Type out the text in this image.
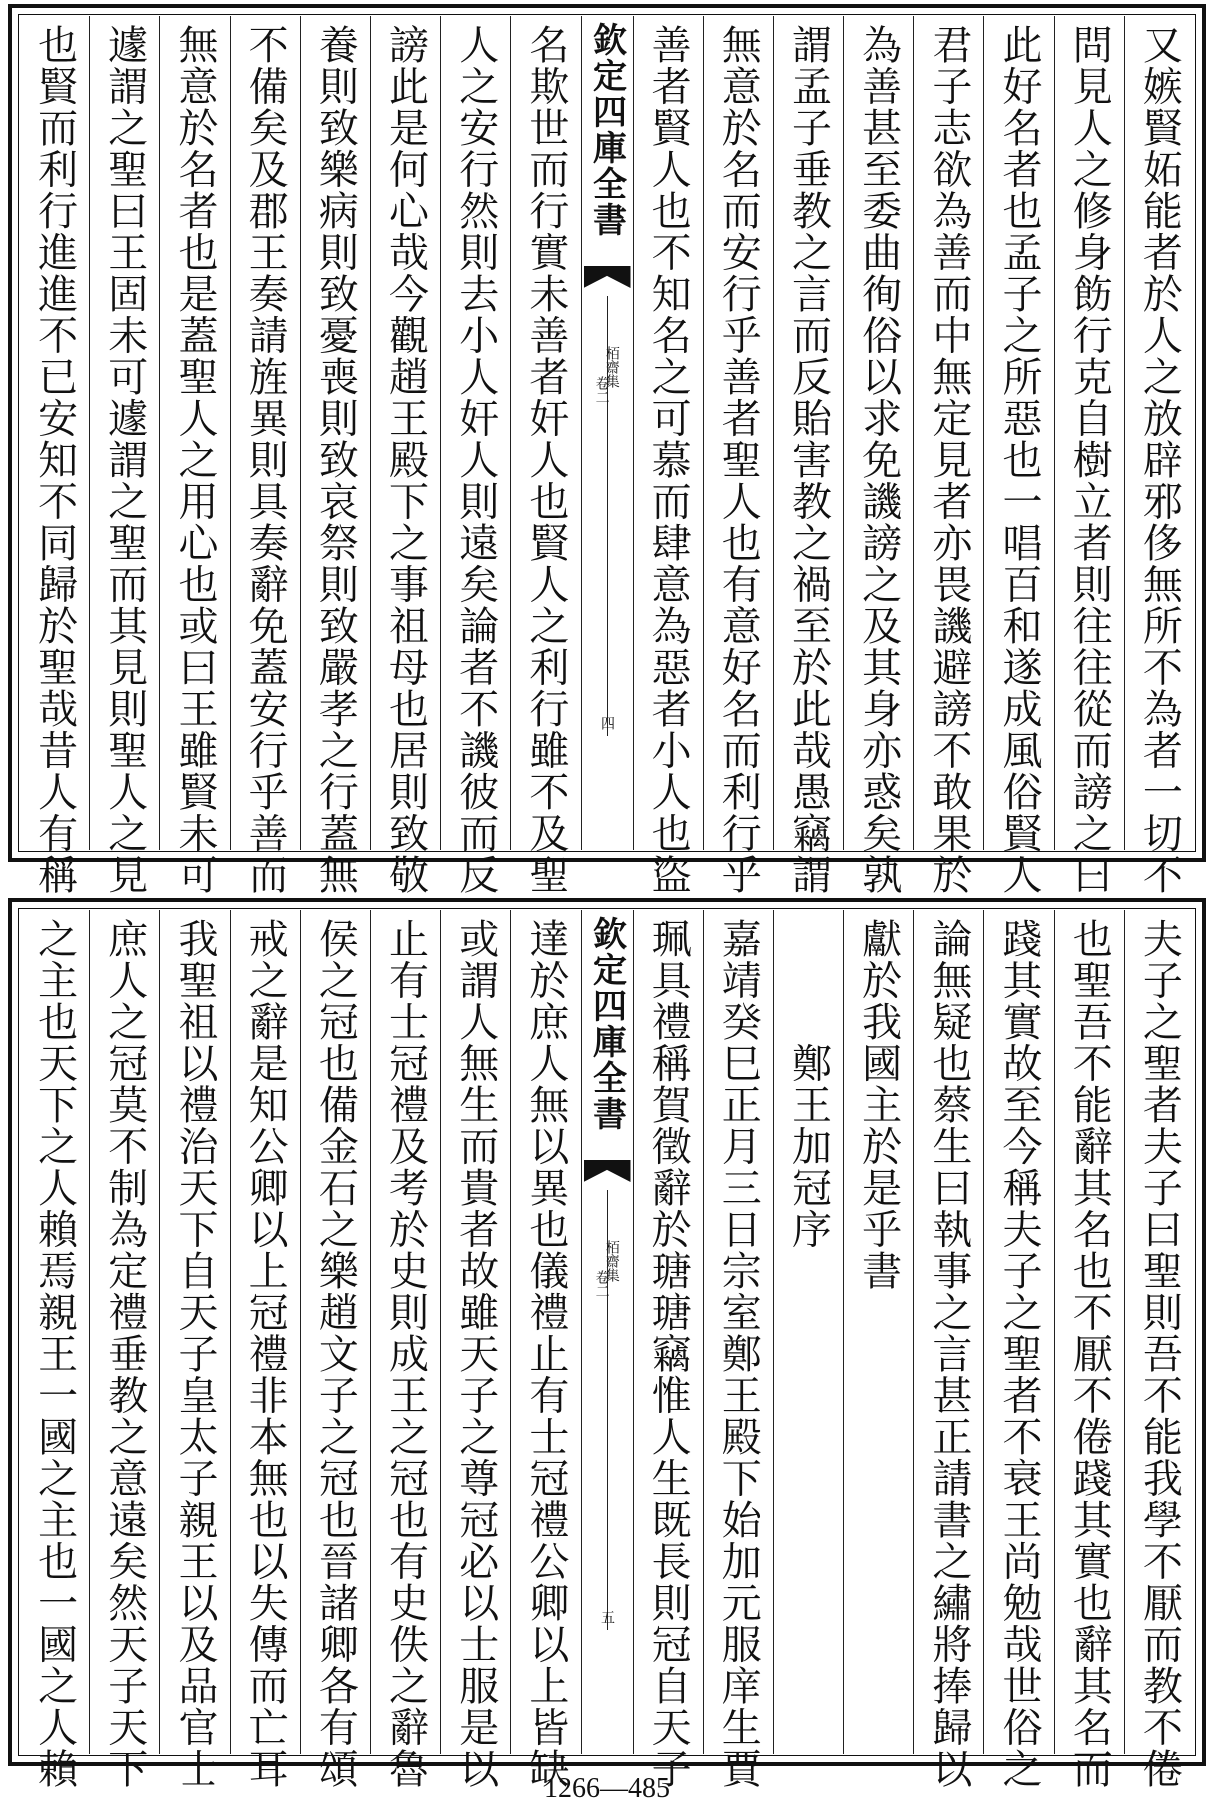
又嫉賢妬能者於人之放辟邪侈無所不為者一切不
問見人之修身飭行克自樹立者則往往從而謗之曰
此好名者也孟子之所惡也一唱百和遂成風俗賢人
君子志欲為善而中無定見者亦畏譏避謗不敢果於
為善甚至委曲徇俗以求免譏謗之及其身亦惑矣孰
謂孟子垂教之言而反貽害教之禍至於此哉愚竊謂
無意於名而安行乎善者聖人也有意好名而利行乎
善者賢人也不知名之可慕而肆意為惡者小人也盜
欽定四庫全書
栢齋集
卷二
四
名欺世而行實未善者奸人也賢人之利行雖不及聖
人之安行然則去小人奸人則遠矣論者不譏彼而反
謗此是何心哉今觀趙王殿下之事祖母也居則致敬
養則致樂病則致憂喪則致哀祭則致嚴孝之行蓋無
不備矣及郡王奏請旌異則具奏辭免蓋安行乎善而
無意於名者也是蓋聖人之用心也或曰王雖賢未可
遽謂之聖曰王固未可遽謂之聖而其見則聖人之見
也賢而利行進進不已安知不同歸於聖哉昔人有稱
夫子之聖者夫子曰聖則吾不能我學不厭而教不倦
也聖吾不能辭其名也不厭不倦踐其實也辭其名而
踐其實故至今稱夫子之聖者不衰王尚勉哉世俗之
論無疑也蔡生曰執事之言甚正請書之繡將捧歸以
獻於我國主於是乎書
　　　鄭王加冠序
嘉靖癸巳正月三日宗室鄭王殿下始加元服庠生賈
珮具禮稱賀徵辭於瑭瑭竊惟人生既長則冠自天子
欽定四庫全書
栢齋集
卷二
五
達於庶人無以異也儀禮止有士冠禮公卿以上皆缺
或謂人無生而貴者故雖天子之尊冠必以士服是以
止有士冠禮及考於史則成王之冠也有史佚之辭魯
侯之冠也備金石之樂趙文子之冠也晉諸卿各有頌
戒之辭是知公卿以上冠禮非本無也以失傳而亡耳
我聖祖以禮治天下自天子皇太子親王以及品官士
庶人之冠莫不制為定禮垂教之意遠矣然天子天下
之主也天下之人賴焉親王一國之主也一國之人賴	1266—485
